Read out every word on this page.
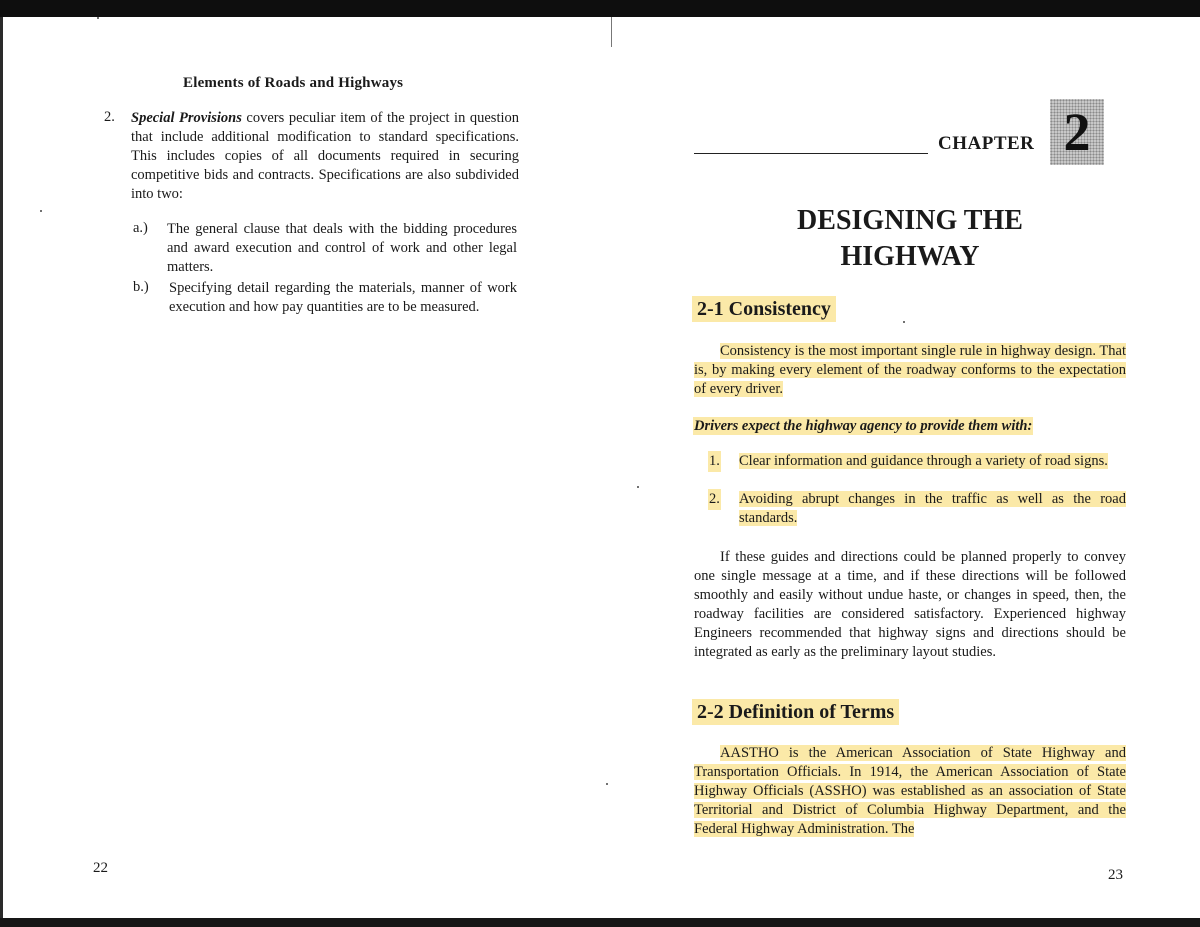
Elements of Roads and Highways
2. Special Provisions covers peculiar item of the project in question that include additional modification to standard specifications. This includes copies of all documents required in securing competitive bids and contracts. Specifications are also subdivided into two:
a.) The general clause that deals with the bidding procedures and award execution and control of work and other legal matters.
b.) Specifying detail regarding the materials, manner of work execution and how pay quantities are to be measured.
22
CHAPTER 2
DESIGNING THE
HIGHWAY
2-1 Consistency

Consistency is the most important single rule in highway design. That is, by making every element of the roadway conforms to the expectation of every driver.

Drivers expect the highway agency to provide them with:
1. Clear information and guidance through a variety of road signs.
2. Avoiding abrupt changes in the traffic as well as the road standards.

If these guides and directions could be planned properly to convey one single message at a time, and if these directions will be followed smoothly and easily without undue haste, or changes in speed, then, the roadway facilities are considered satisfactory. Experienced highway Engineers recommended that highway signs and directions should be integrated as early as the preliminary layout studies.

2-2 Definition of Terms

AASTHO is the American Association of State Highway and Transportation Officials. In 1914, the American Association of State Highway Officials (ASSHO) was established as an association of State Territorial and District of Columbia Highway Department, and the Federal Highway Administration. The

23
